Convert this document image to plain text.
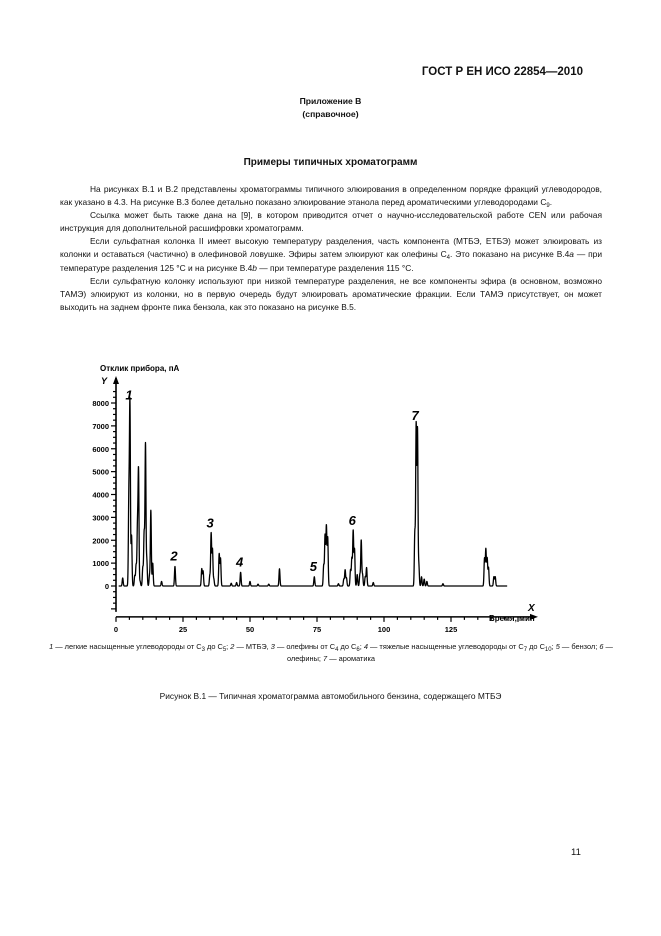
ГОСТ Р ЕН ИСО 22854—2010
Приложение В
(справочное)
Примеры типичных хроматограмм

На рисунках В.1 и В.2 представлены хроматограммы типичного элюирования в определенном порядке фракций углеводородов, как указано в 4.3. На рисунке В.3 более детально показано элюирование этанола перед ароматическими углеводородами $С_9$.

Ссылка может быть также дана на [9], в котором приводится отчет о научно-исследовательской работе CEN или рабочая инструкция для дополнительной расшифровки хроматограмм.

Если сульфатная колонка II имеет высокую температуру разделения, часть компонента (МТБЭ, ЕТБЭ) может элюировать из колонки и оставаться (частично) в олефиновой ловушке. Эфиры затем элюируют как олефины $С_4$. Это показано на рисунке В.4a — при температуре разделения 125 °С и на рисунке В.4b — при температуре разделения 115 °С.

Если сульфатную колонку используют при низкой температуре разделения, не все компоненты эфира (в основном, возможно ТАМЭ) элюируют из колонки, но в первую очередь будут элюировать ароматические фракции. Если ТАМЭ присутствует, он может выходить на заднем фронте пика бензола, как это показано на рисунке В.5.

0
1000
2000
3000
4000
5000
6000
7000
8000
0	25	50	75	100	125
1
2
3
4	5
6
7
Отклик прибора, пА
Y
X
Время, мин
1 — легкие насыщенные углеводороды от $С_3$ до $С_5$; 2 — МТБЭ, 3 — олефины от $С_4$ до $С_6$; 4 — тяжелые насыщенные углеводороды от $С_7$ до $С_{10}$; 5 — бензол; 6 — олефины; 7 — ароматика
Рисунок В.1 — Типичная хроматограмма автомобильного бензина, содержащего МТБЭ
11
